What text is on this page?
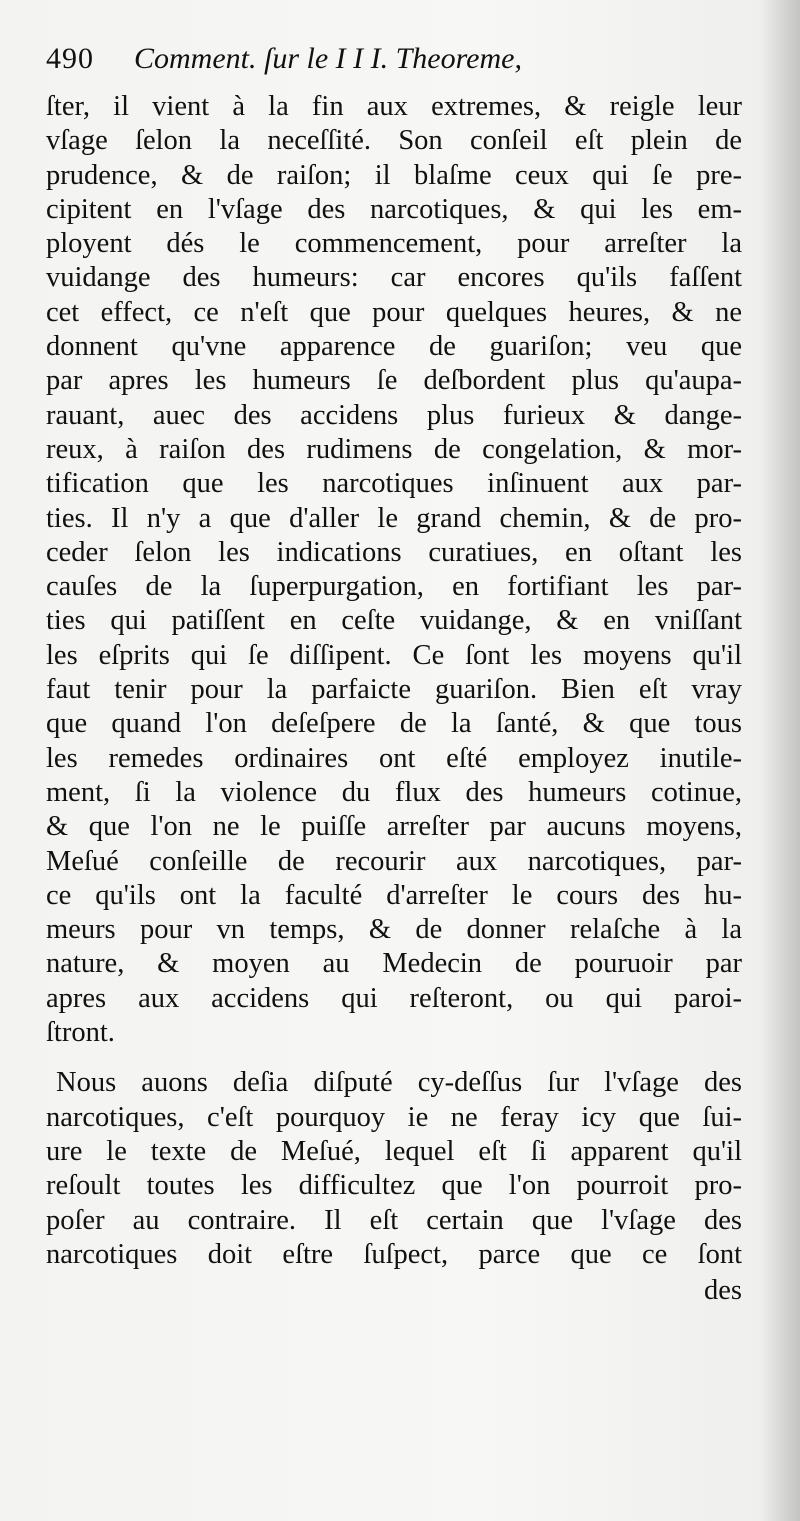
490 Comment. ſur le I I I. Theoreme,
ſter, il vient à la fin aux extremes, & reigle leur
vſage ſelon la neceſſité. Son conſeil eſt plein de
prudence, & de raiſon; il blaſme ceux qui ſe pre-
cipitent en l'vſage des narcotiques, & qui les em-
ployent dés le commencement, pour arreſter la
vuidange des humeurs: car encores qu'ils faſſent
cet effect, ce n'eſt que pour quelques heures, & ne
donnent qu'vne apparence de guariſon; veu que
par apres les humeurs ſe deſbordent plus qu'aupa-
rauant, auec des accidens plus furieux & dange-
reux, à raiſon des rudimens de congelation, & mor-
tification que les narcotiques inſinuent aux par-
ties. Il n'y a que d'aller le grand chemin, & de pro-
ceder ſelon les indications curatiues, en oſtant les
cauſes de la ſuperpurgation, en fortifiant les par-
ties qui patiſſent en ceſte vuidange, & en vniſſant
les eſprits qui ſe diſſipent. Ce ſont les moyens qu'il
faut tenir pour la parfaicte guariſon. Bien eſt vray
que quand l'on deſeſpere de la ſanté, & que tous
les remedes ordinaires ont eſté employez inutile-
ment, ſi la violence du flux des humeurs cotinue,
& que l'on ne le puiſſe arreſter par aucuns moyens,
Meſué conſeille de recourir aux narcotiques, par-
ce qu'ils ont la faculté d'arreſter le cours des hu-
meurs pour vn temps, & de donner relaſche à la
nature, & moyen au Medecin de pouruoir par
apres aux accidens qui reſteront, ou qui paroi-
ſtront.
Nous auons deſia diſputé cy-deſſus ſur l'vſage des
narcotiques, c'eſt pourquoy ie ne feray icy que ſui-
ure le texte de Meſué, lequel eſt ſi apparent qu'il
reſoult toutes les difficultez que l'on pourroit pro-
poſer au contraire. Il eſt certain que l'vſage des
narcotiques doit eſtre ſuſpect, parce que ce ſont
des
